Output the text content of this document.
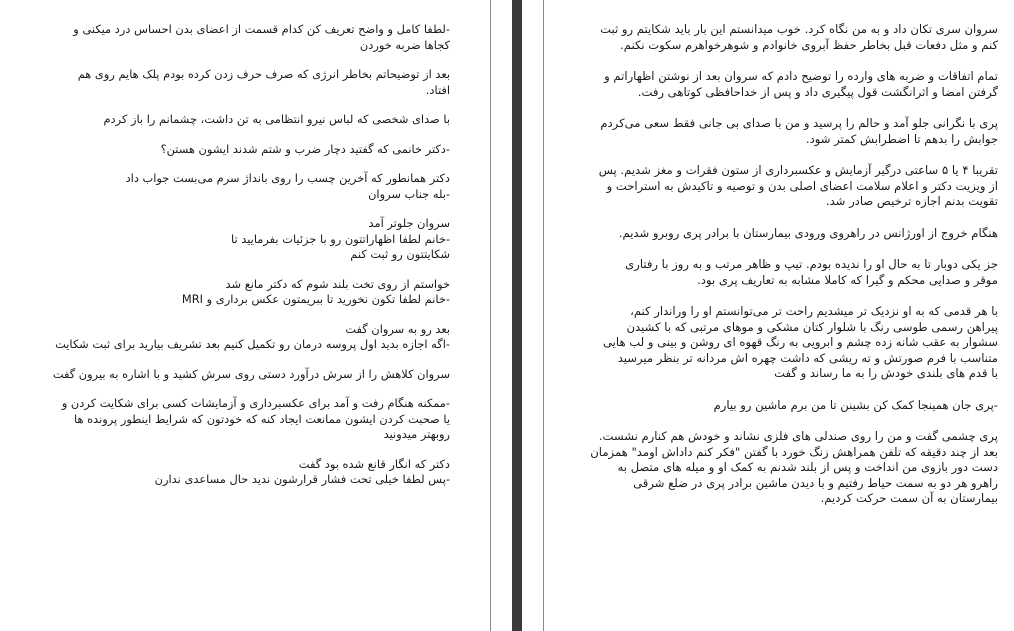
-لطفا کامل و واضح تعریف کن کدام قسمت از اعضای بدن احساس درد میکنی و
کجاها ضربه خوردن

بعد از توضیحاتم بخاطر انرژی که صرف حرف زدن کرده بودم پلک هایم روی هم
افتاد.

با صدای شخصی که لباس نیرو انتظامی به تن داشت، چشمانم را باز کردم

-دکتر خانمی که گفتید دچار ضرب و شتم شدند ایشون هستن؟

دکتر همانطور که آخرین چسب را روی بانداژ سرم می‌بست جواب داد
-بله جناب سروان

سروان جلوتر آمد
-خانم لطفا اظهاراتتون رو با جزئیات بفرمایید تا
شکایتتون رو ثبت کنم

خواستم از روی تخت بلند شوم که دکتر مانع شد
-خانم لطفا تکون نخورید تا ببریمتون عکس برداری و MRI

بعد رو به سروان گفت
-اگه اجازه بدید اول پروسه درمان رو تکمیل کنیم بعد تشریف بیارید برای ثبت شکایت

سروان کلاهش را از سرش درآورد دستی روی سرش کشید و با اشاره به بیرون گفت

-ممکنه هنگام رفت و آمد برای عکسبرداری و آزمایشات کسی برای شکایت کردن و
یا صحبت کردن ایشون ممانعت ایجاد کنه که خودتون که شرایط اینطور پرونده ها
روبهتر میدونید

دکتر که انگار قانع شده بود گفت
-پس لطفا خیلی تحت فشار قرارشون ندید حال مساعدی ندارن

سروان سری تکان داد و به من نگاه کرد. خوب میدانستم این بار باید شکایتم رو ثبت
کنم و مثل دفعات قبل بخاطر حفظ آبروی خانوادم و شوهرخواهرم سکوت نکنم.

تمام اتفاقات و ضربه های وارده را توضیح دادم که سروان بعد از نوشتن اظهاراتم و
گرفتن امضا و اثرانگشت قول پیگیری داد و پس از خداحافظی کوتاهی رفت.

پری با نگرانی جلو آمد و حالم را پرسید و من با صدای بی جانی فقط سعی می‌کردم
جوابش را بدهم تا اضطرابش کمتر شود.

تقریبا ۴ یا ۵ ساعتی درگیر آزمایش و عکسبرداری از ستون فقرات و مغز شدیم. پس
از ویزیت دکتر و اعلام سلامت اعضای اصلی بدن و توصیه و تاکیدش به استراحت و
تقویت بدنم اجازه ترخیص صادر شد.

هنگام خروج از اورژانس در راهروی ورودی بیمارستان با برادر پری روبرو شدیم.

جز یکی دوبار تا به حال او را ندیده بودم. تیپ و ظاهر مرتب و به روز با رفتاری
موقر و صدایی محکم و گیرا که کاملا مشابه به تعاریف پری بود.

با هر قدمی که به او نزدیک تر میشدیم راحت تر می‌توانستم او را وراندار کنم،
پیراهن رسمی طوسی رنگ با شلوار کتان مشکی و موهای مرتبی که با کشیدن
سشوار به عقب شانه زده چشم و ابرویی به رنگ قهوه ای روشن و بینی و لب هایی
متناسب با فرم صورتش و ته ریشی که داشت چهره اش مردانه تر بنظر میرسید
با قدم های بلندی خودش را به ما رساند و گفت

-پری جان همینجا کمک کن بشینن تا من برم ماشین رو بیارم

پری چشمی گفت و من را روی صندلی های فلزی نشاند و خودش هم کنارم نشست.
بعد از چند دقیقه که تلفن همراهش زنگ خورد با گفتن "فکر کنم داداش اومد" همزمان
دست دور بازوی من انداخت و پس از بلند شدنم به کمک او و میله های متصل به
راهرو هر دو به سمت حیاط رفتیم و با دیدن ماشین برادر پری در ضلع شرقی
بیمارستان به آن سمت حرکت کردیم.
